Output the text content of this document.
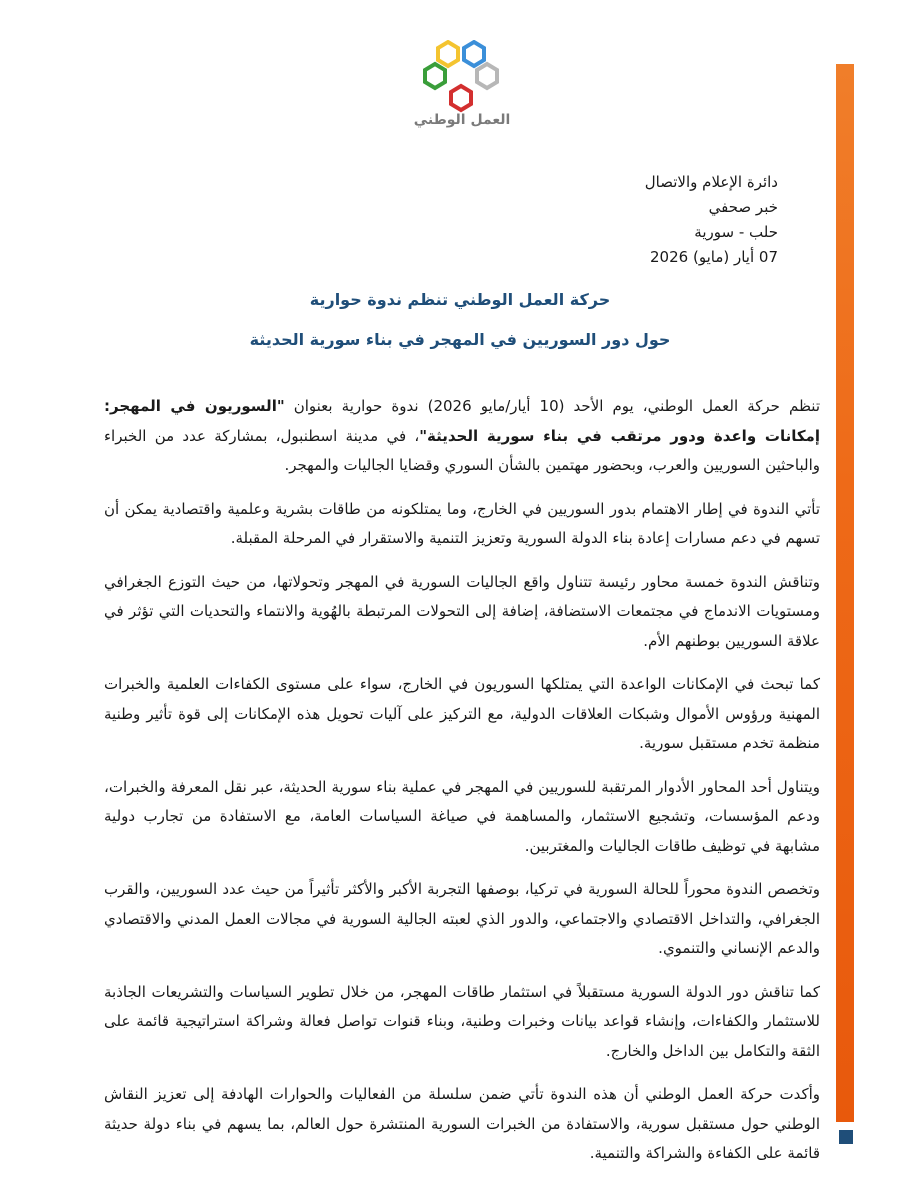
العمل الوطني
دائرة الإعلام والاتصال
خبر صحفي
حلب - سورية
07 أيار (مايو) 2026
حركة العمل الوطني تنظم ندوة حوارية
حول دور السوريين في المهجر في بناء سورية الحديثة

تنظم حركة العمل الوطني، يوم الأحد (10 أيار/مايو 2026) ندوة حوارية بعنوان "السوريون في المهجر: إمكانات واعدة ودور مرتقب في بناء سورية الحديثة"، في مدينة اسطنبول، بمشاركة عدد من الخبراء والباحثين السوريين والعرب، وبحضور مهتمين بالشأن السوري وقضايا الجاليات والمهجر.

تأتي الندوة في إطار الاهتمام بدور السوريين في الخارج، وما يمتلكونه من طاقات بشرية وعلمية واقتصادية يمكن أن تسهم في دعم مسارات إعادة بناء الدولة السورية وتعزيز التنمية والاستقرار في المرحلة المقبلة.

وتناقش الندوة خمسة محاور رئيسة تتناول واقع الجاليات السورية في المهجر وتحولاتها، من حيث التوزع الجغرافي ومستويات الاندماج في مجتمعات الاستضافة، إضافة إلى التحولات المرتبطة بالهُوية والانتماء والتحديات التي تؤثر في علاقة السوريين بوطنهم الأم.

كما تبحث في الإمكانات الواعدة التي يمتلكها السوريون في الخارج، سواء على مستوى الكفاءات العلمية والخبرات المهنية ورؤوس الأموال وشبكات العلاقات الدولية، مع التركيز على آليات تحويل هذه الإمكانات إلى قوة تأثير وطنية منظمة تخدم مستقبل سورية.

ويتناول أحد المحاور الأدوار المرتقبة للسوريين في المهجر في عملية بناء سورية الحديثة، عبر نقل المعرفة والخبرات، ودعم المؤسسات، وتشجيع الاستثمار، والمساهمة في صياغة السياسات العامة، مع الاستفادة من تجارب دولية مشابهة في توظيف طاقات الجاليات والمغتربين.

وتخصص الندوة محوراً للحالة السورية في تركيا، بوصفها التجربة الأكبر والأكثر تأثيراً من حيث عدد السوريين، والقرب الجغرافي، والتداخل الاقتصادي والاجتماعي، والدور الذي لعبته الجالية السورية في مجالات العمل المدني والاقتصادي والدعم الإنساني والتنموي.

كما تناقش دور الدولة السورية مستقبلاً في استثمار طاقات المهجر، من خلال تطوير السياسات والتشريعات الجاذبة للاستثمار والكفاءات، وإنشاء قواعد بيانات وخبرات وطنية، وبناء قنوات تواصل فعالة وشراكة استراتيجية قائمة على الثقة والتكامل بين الداخل والخارج.

وأكدت حركة العمل الوطني أن هذه الندوة تأتي ضمن سلسلة من الفعاليات والحوارات الهادفة إلى تعزيز النقاش الوطني حول مستقبل سورية، والاستفادة من الخبرات السورية المنتشرة حول العالم، بما يسهم في بناء دولة حديثة قائمة على الكفاءة والشراكة والتنمية.
